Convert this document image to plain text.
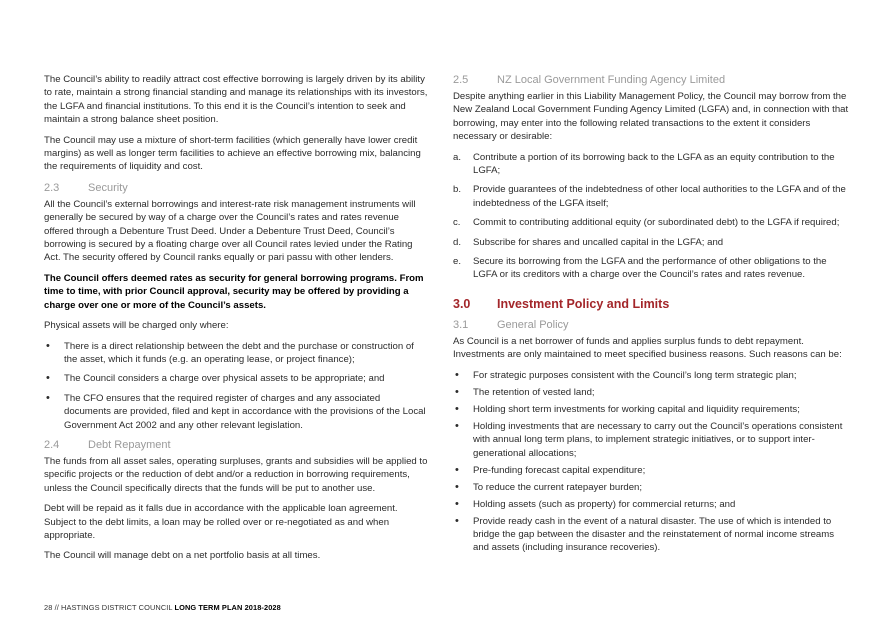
The Council’s ability to readily attract cost effective borrowing is largely driven by its ability to rate, maintain a strong financial standing and manage its relationships with its investors, the LGFA and financial institutions. To this end it is the Council’s intention to seek and maintain a strong balance sheet position.

The Council may use a mixture of short-term facilities (which generally have lower credit margins) as well as longer term facilities to achieve an effective borrowing mix, balancing the requirements of liquidity and cost.

2.3	Security

All the Council’s external borrowings and interest-rate risk management instruments will generally be secured by way of a charge over the Council’s rates and rates revenue offered through a Debenture Trust Deed. Under a Debenture Trust Deed, Council’s borrowing is secured by a floating charge over all Council rates levied under the Rating Act. The security offered by Council ranks equally or pari passu with other lenders.

The Council offers deemed rates as security for general borrowing programs. From time to time, with prior Council approval, security may be offered by providing a charge over one or more of the Council’s assets.

Physical assets will be charged only where:

• There is a direct relationship between the debt and the purchase or construction of the asset, which it funds (e.g. an operating lease, or project finance);
• The Council considers a charge over physical assets to be appropriate; and
• The CFO ensures that the required register of charges and any associated documents are provided, filed and kept in accordance with the provisions of the Local Government Act 2002 and any other relevant legislation.
2.4	Debt Repayment

The funds from all asset sales, operating surpluses, grants and subsidies will be applied to specific projects or the reduction of debt and/or a reduction in borrowing requirements, unless the Council specifically directs that the funds will be put to another use.

Debt will be repaid as it falls due in accordance with the applicable loan agreement. Subject to the debt limits, a loan may be rolled over or re-negotiated as and when appropriate.

The Council will manage debt on a net portfolio basis at all times.

2.5	NZ Local Government Funding Agency Limited

Despite anything earlier in this Liability Management Policy, the Council may borrow from the New Zealand Local Government Funding Agency Limited (LGFA) and, in connection with that borrowing, may enter into the following related transactions to the extent it considers necessary or desirable:

a. Contribute a portion of its borrowing back to the LGFA as an equity contribution to the LGFA;
b. Provide guarantees of the indebtedness of other local authorities to the LGFA and of the indebtedness of the LGFA itself;
c. Commit to contributing additional equity (or subordinated debt) to the LGFA if required;
d. Subscribe for shares and uncalled capital in the LGFA; and
e. Secure its borrowing from the LGFA and the performance of other obligations to the LGFA or its creditors with a charge over the Council’s rates and rates revenue.
3.0 Investment Policy and Limits
3.1	General Policy

As Council is a net borrower of funds and applies surplus funds to debt repayment. Investments are only maintained to meet specified business reasons. Such reasons can be:

• For strategic purposes consistent with the Council’s long term strategic plan;
• The retention of vested land;
• Holding short term investments for working capital and liquidity requirements;
• Holding investments that are necessary to carry out the Council’s operations consistent with annual long term plans, to implement strategic initiatives, or to support inter-generational allocations;
• Pre-funding forecast capital expenditure;
• To reduce the current ratepayer burden;
• Holding assets (such as property) for commercial returns; and
• Provide ready cash in the event of a natural disaster. The use of which is intended to bridge the gap between the disaster and the reinstatement of normal income streams and assets (including insurance recoveries).
28 // HASTINGS DISTRICT COUNCIL LONG TERM PLAN 2018-2028
